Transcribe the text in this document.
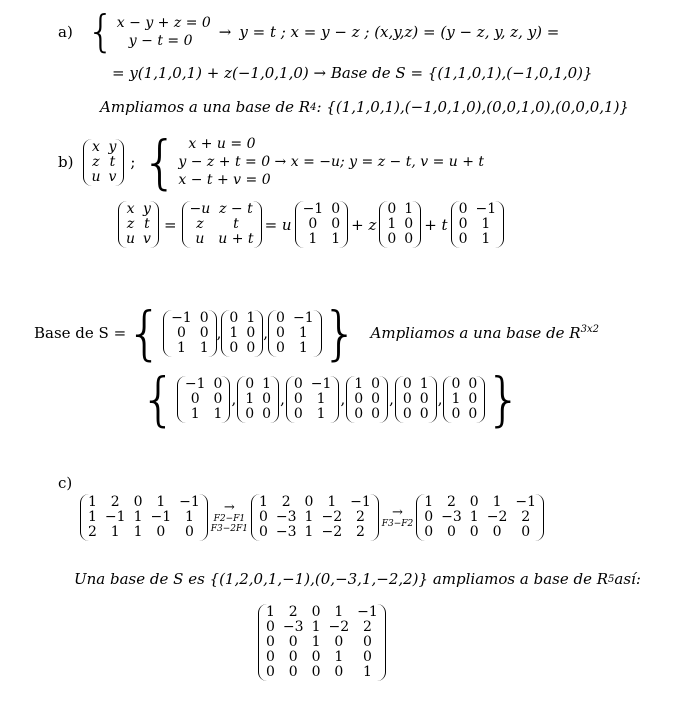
a) { x − y + z = 0
y − t = 0	→ y = t ; x = y − z ; (x,y,z) = (y − z, y, z, y) =
= y(1,1,0,1) + z(−1,0,1,0) → Base de S = {(1,1,0,1),(−1,0,1,0)}
Ampliamos a una base de R 4 : {(1,1,0,1),(−1,0,1,0),(0,0,1,0),(0,0,0,1)}
b)
x	y
z	t
u	v
; { x + u = 0
y − z + t = 0 → x = −u; y = z − t, v = u + t
x − t + v = 0
x	y
z	t
u	v
=
−u	z − t
z	t
u	u + t
= u
−1	0
0	0
1	1
+ z
0	1
1	0
0	0
+ t
0	−1
0	1
0	1
Base de S = { −1	0
0	0
1	1
,
0	1
1	0
0	0
,
0	−1
0	1
0	1 } Ampliamos a una base de $R^{3x2}$
{ −1	0
0	0
1	1
,
0	1
1	0
0	0
,
0	−1
0	1
0	1
,
1	0
0	0
0	0
,
0	1
0	0
0	0
,
0	0
1	0
0	0 }
c)
1	2	0	1	−1
1	−1	1	−1	1
2	1	1	0	0
→
F2−F1
F3−2F1
1	2	0	1	−1
0	−3	1	−2	2
0	−3	1	−2	2
→
F3−F2
1	2	0	1	−1
0	−3	1	−2	2
0	0	0	0	0
Una base de S es {(1,2,0,1,−1),(0,−3,1,−2,2)} ampliamos a base de R 5 así:
1	2	0	1	−1
0	−3	1	−2	2
0	0	1	0	0
0	0	0	1	0
0	0	0	0	1
